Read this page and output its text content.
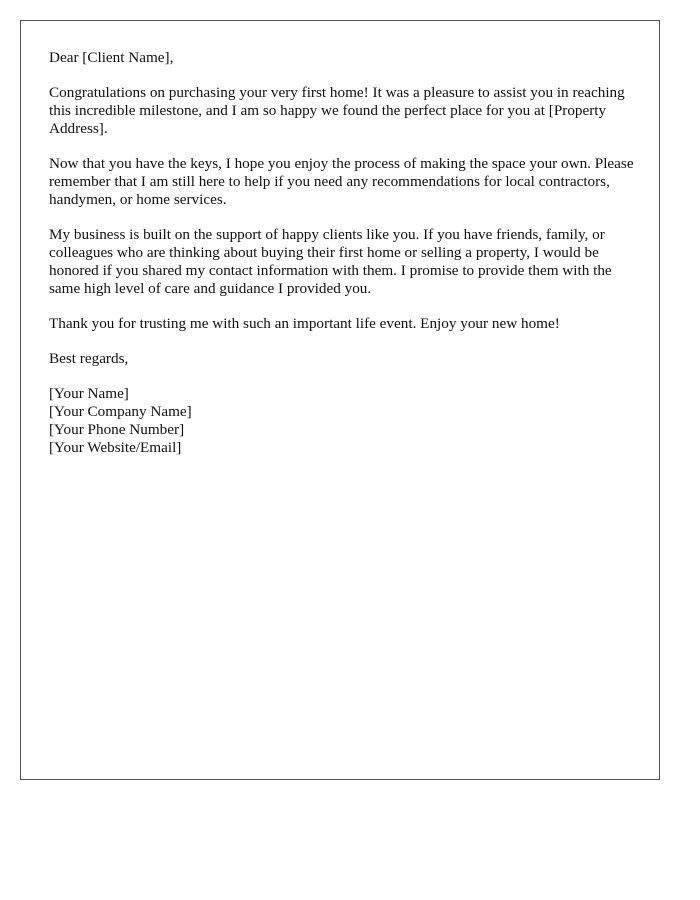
Dear [Client Name],

Congratulations on purchasing your very first home! It was a pleasure to assist you in reaching this incredible milestone, and I am so happy we found the perfect place for you at [Property Address].

Now that you have the keys, I hope you enjoy the process of making the space your own. Please remember that I am still here to help if you need any recommendations for local contractors, handymen, or home services.

My business is built on the support of happy clients like you. If you have friends, family, or colleagues who are thinking about buying their first home or selling a property, I would be honored if you shared my contact information with them. I promise to provide them with the same high level of care and guidance I provided you.

Thank you for trusting me with such an important life event. Enjoy your new home!

Best regards,

[Your Name]
[Your Company Name]
[Your Phone Number]
[Your Website/Email]
